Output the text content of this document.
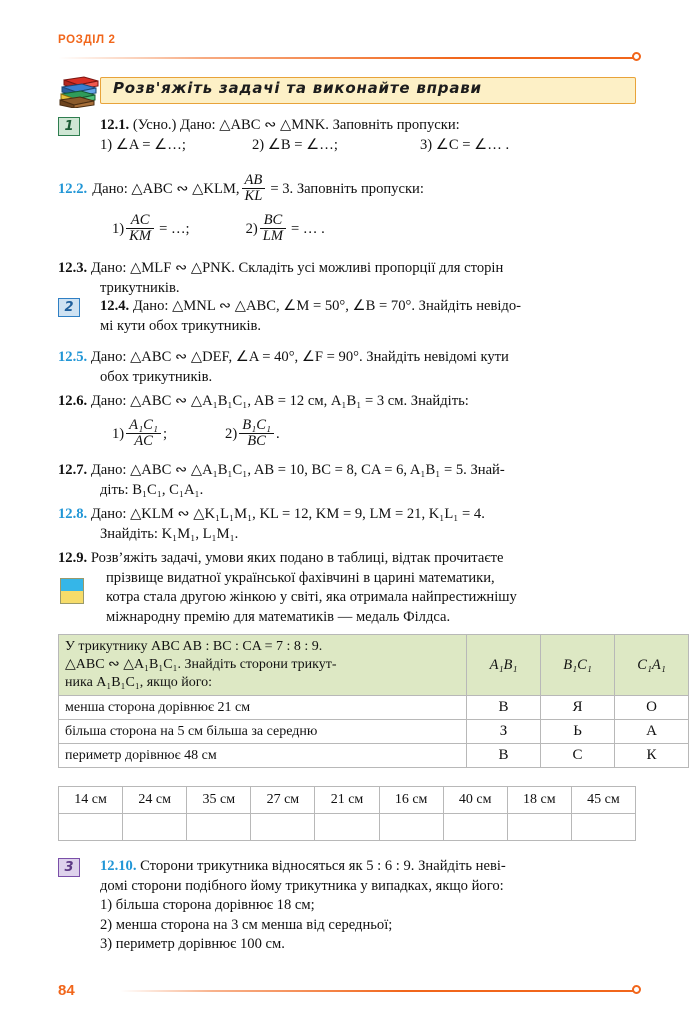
РОЗДІЛ 2
Розв'яжіть задачі та виконайте вправи
1	12.1. (Усно.) Дано: △ABC ∾ △MNK. Заповніть пропуски:
1) ∠A = ∠…;	2) ∠B = ∠…;	3) ∠C = ∠… .
12.2. Дано: △ABC ∾ △KLM, $\frac{AB}{KL} = 3$. Заповніть пропуски:
$1) \frac{AC}{KM}$ = …;	$2) \frac{BC}{LM}$ = … .
12.3. Дано: △MLF ∾ △PNK. Складіть усі можливі пропорції для сторін
трикутників.
2	12.4. Дано: △MNL ∾ △ABC, ∠M = 50°, ∠B = 70°. Знайдіть невідо-
мі кути обох трикутників.
12.5. Дано: △ABC ∾ △DEF, ∠A = 40°, ∠F = 90°. Знайдіть невідомі кути
обох трикутників.
12.6. Дано: △ABC ∾ △A₁B₁C₁, AB = 12 см, A₁B₁ = 3 см. Знайдіть:
$1) \frac{\text{A₁C₁}}{AC}$ ;	$2) \frac{\text{B₁C₁}}{BC}$ .
12.7. Дано: △ABC ∾ △A₁B₁C₁, AB = 10, BC = 8, CA = 6, A₁B₁ = 5. Знай-
діть: B₁C₁, C₁A₁.
12.8. Дано: △KLM ∾ △K₁L₁M₁, KL = 12, KM = 9, LM = 21, K₁L₁ = 4.
Знайдіть: K₁M₁, L₁M₁.
12.9. Розв’яжіть задачі, умови яких подано в таблиці, відтак прочитаєте
прізвище видатної української фахівчині в царині математики,
котра стала другою жінкою у світі, яка отримала найпрестижнішу
міжнародну премію для математиків — медаль Філдса.
У трикутнику ABC AB : BC : CA = 7 : 8 : 9.
△ABC ∾ △A₁B₁C₁. Знайдіть сторони трикут-
ника A₁B₁C₁, якщо його:	A₁B₁	B₁C₁	C₁A₁
менша сторона дорівнює 21 см	В	Я	О
більша сторона на 5 см більша за середню	З	Ь	А
периметр дорівнює 48 см	В	С	К
14 см	24 см	35 см	27 см	21 см	16 см	40 см	18 см	45 см

3	12.10. Сторони трикутника відносяться як 5 : 6 : 9. Знайдіть неві-
домі сторони подібного йому трикутника у випадках, якщо його:
1) більша сторона дорівнює 18 см;
2) менша сторона на 3 см менша від середньої;
3) периметр дорівнює 100 см.
84
